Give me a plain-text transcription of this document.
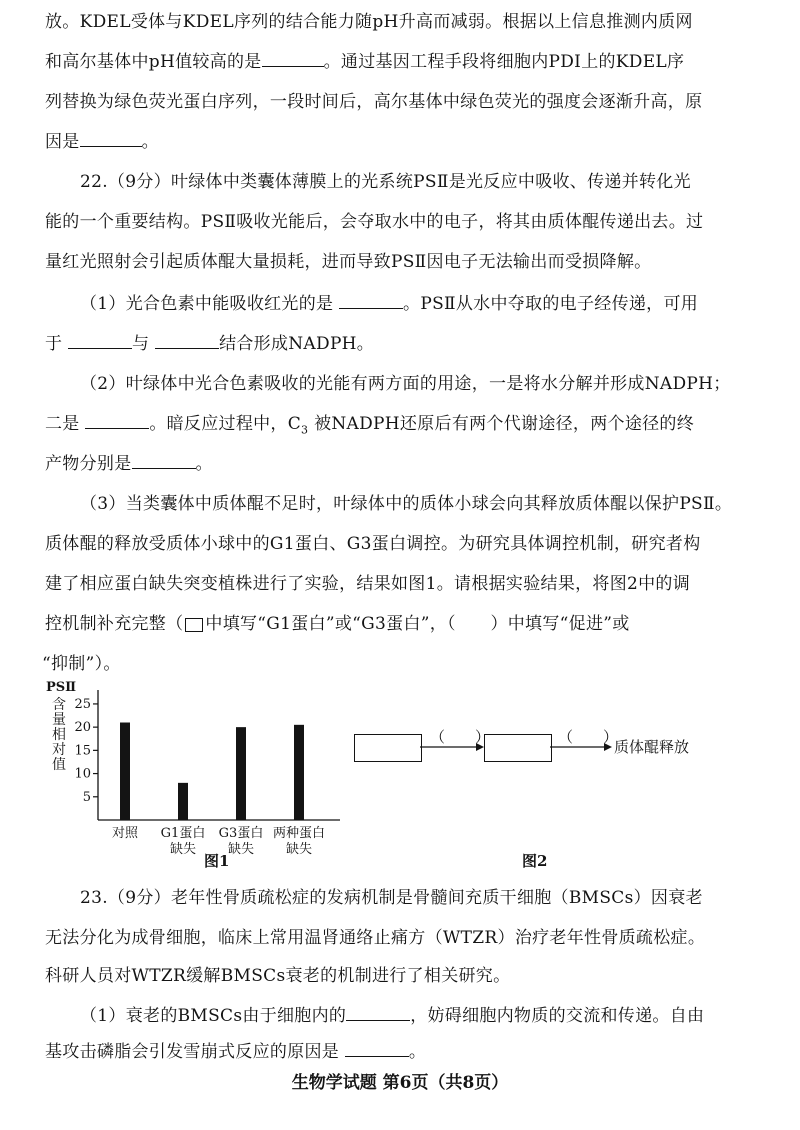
放。KDEL受体与KDEL序列的结合能力随pH升高而减弱。根据以上信息推测内质网
和高尔基体中pH值较高的是	。通过基因工程手段将细胞内PDI上的KDEL序
列替换为绿色荧光蛋白序列，一段时间后，高尔基体中绿色荧光的强度会逐渐升高，原
因是	。
22.（9分）叶绿体中类囊体薄膜上的光系统PSⅡ是光反应中吸收、传递并转化光
能的一个重要结构。PSⅡ吸收光能后，会夺取水中的电子，将其由质体醌传递出去。过
量红光照射会引起质体醌大量损耗，进而导致PSⅡ因电子无法输出而受损降解。
（1）光合色素中能吸收红光的是	。PSⅡ从水中夺取的电子经传递，可用
于	与	结合形成NADPH。
（2）叶绿体中光合色素吸收的光能有两方面的用途，一是将水分解并形成NADPH；
二是	。暗反应过程中，$C_3$ 被NADPH还原后有两个代谢途径，两个途径的终
产物分别是	。
（3）当类囊体中质体醌不足时，叶绿体中的质体小球会向其释放质体醌以保护PSⅡ。
质体醌的释放受质体小球中的G1蛋白、G3蛋白调控。为研究具体调控机制，研究者构
建了相应蛋白缺失突变植株进行了实验，结果如图1。请根据实验结果，将图2中的调
控机制补充完整（ 中填写“G1蛋白”或“G3蛋白”，（　　）中填写“促进”或
“抑制”）。
PSⅡ
含量相对值
25
20
15
10
5
对照	G1蛋白
缺失
G3蛋白
缺失
两种蛋白
缺失
图1
（　　）	（　　）
质体醌释放
图2
23.（9分）老年性骨质疏松症的发病机制是骨髓间充质干细胞（BMSCs）因衰老
无法分化为成骨细胞，临床上常用温肾通络止痛方（WTZR）治疗老年性骨质疏松症。
科研人员对WTZR缓解BMSCs衰老的机制进行了相关研究。
（1）衰老的BMSCs由于细胞内的	，妨碍细胞内物质的交流和传递。自由
基攻击磷脂会引发雪崩式反应的原因是	。
生物学试题 第6页（共8页）
